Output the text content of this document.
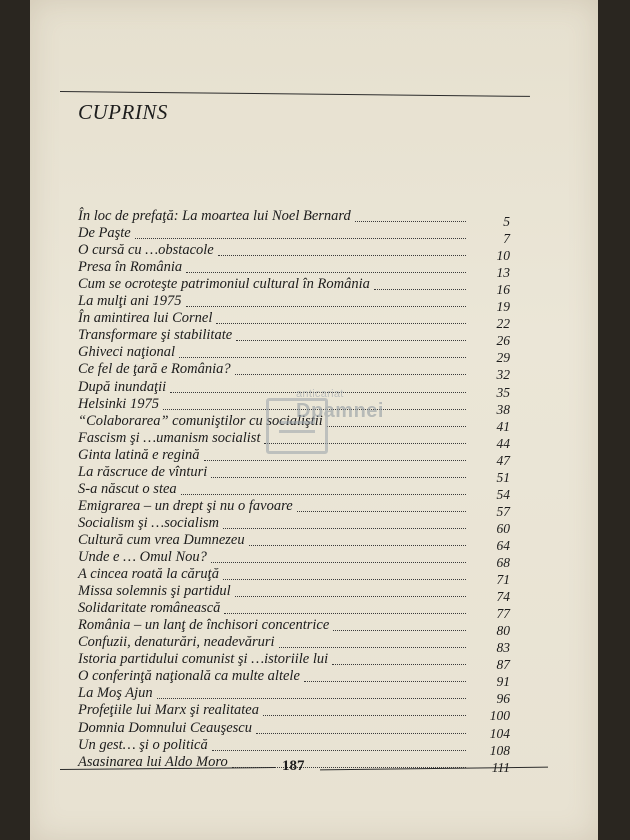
CUPRINS
În loc de prefaţă: La moartea lui Noel Bernard	5
De Paşte	7
O cursă cu …obstacole	10
Presa în România	13
Cum se ocroteşte patrimoniul cultural în România	16
La mulţi ani 1975	19
În amintirea lui Cornel	22
Transformare şi stabilitate	26
Ghiveci naţional	29
Ce fel de ţară e România?	32
După inundaţii	35
Helsinki 1975	38
“Colaborarea” comuniştilor cu socialiştii	41
Fascism şi …umanism socialist	44
Ginta latină e regină	47
La răscruce de vînturi	51
S-a născut o stea	54
Emigrarea – un drept şi nu o favoare	57
Socialism şi …socialism	60
Cultură cum vrea Dumnezeu	64
Unde e … Omul Nou?	68
A cincea roată la căruţă	71
Missa solemnis şi partidul	74
Solidaritate românească	77
România – un lanţ de închisori concentrice	80
Confuzii, denaturări, neadevăruri	83
Istoria partidului comunist şi …istoriile lui	87
O conferinţă naţională ca multe altele	91
La Moş Ajun	96
Profeţiile lui Marx şi realitatea	100
Domnia Domnului Ceauşescu	104
Un gest… şi o politică	108
Asasinarea lui Aldo Moro	111
187
anticariat
Dpamnei
